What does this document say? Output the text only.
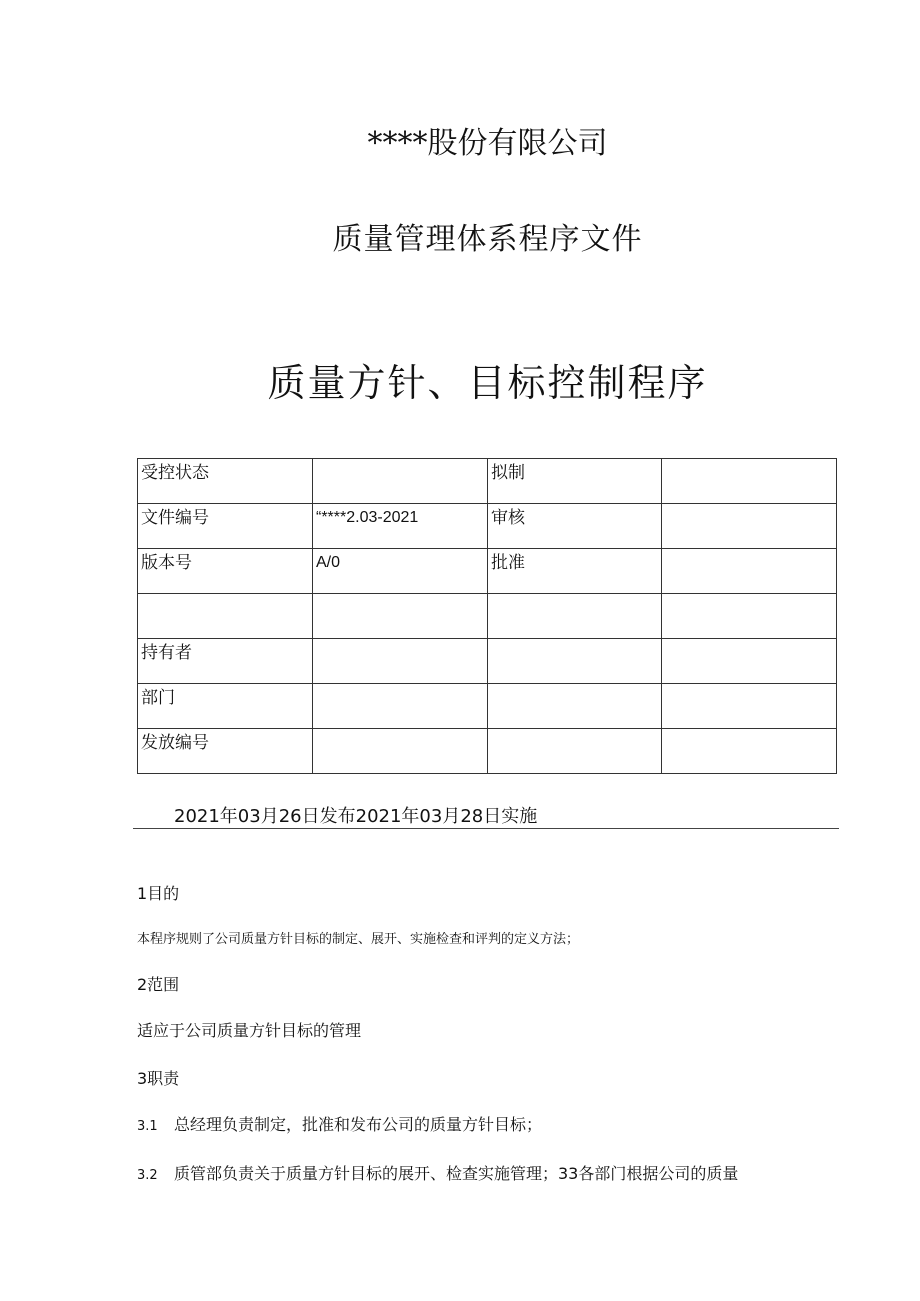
****股份有限公司
质量管理体系程序文件
质量方针、目标控制程序
受控状态		拟制	
文件编号	“****2.03-2021	审核	
版本号	A/0	批准	

持有者			
部门			
发放编号			
2021年03月26日发布2021年03月28日实施
1目的
本程序规则了公司质量方针目标的制定、展开、实施检查和评判的定义方法；
2范围
适应于公司质量方针目标的管理
3职责
3.1 总经理负责制定，批准和发布公司的质量方针目标；
3.2 质管部负责关于质量方针目标的展开、检查实施管理；33各部门根据公司的质量
